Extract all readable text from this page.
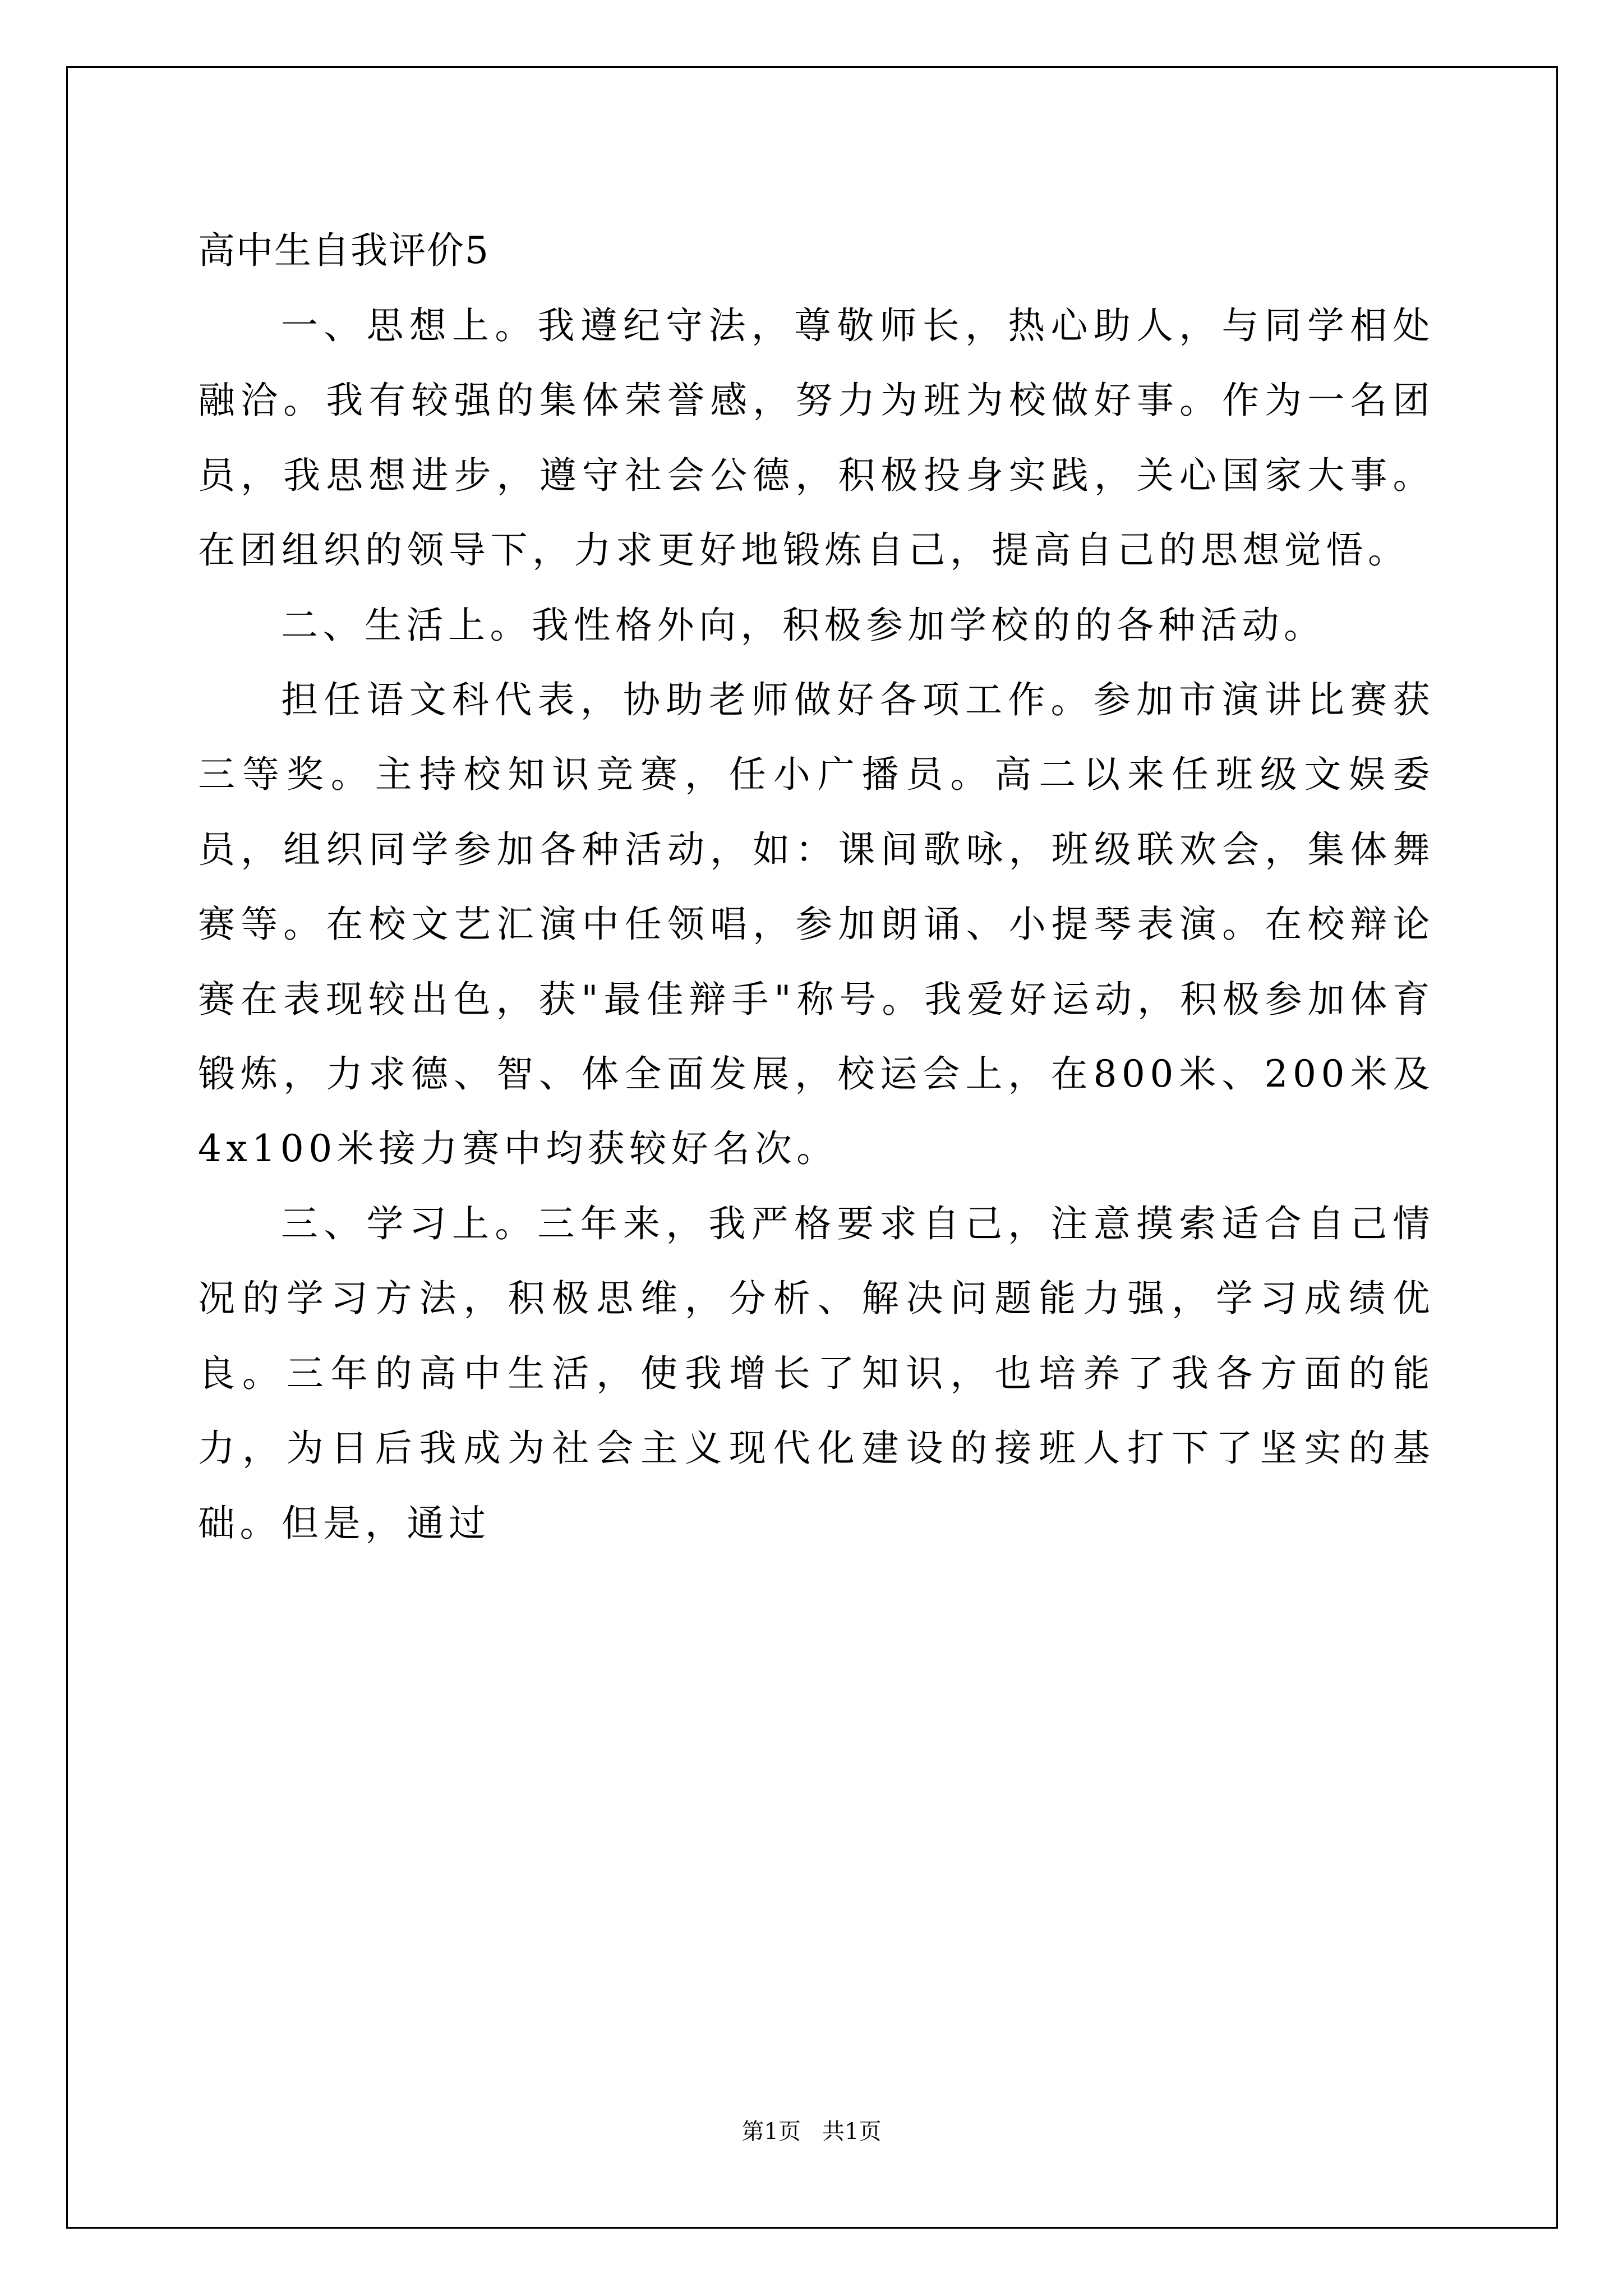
高中生自我评价5

一、思想上。我遵纪守法，尊敬师长，热心助人，与同学相处融洽。我有较强的集体荣誉感，努力为班为校做好事。作为一名团员，我思想进步，遵守社会公德，积极投身实践，关心国家大事。在团组织的领导下，力求更好地锻炼自己，提高自己的思想觉悟。

二、生活上。我性格外向，积极参加学校的的各种活动。

担任语文科代表，协助老师做好各项工作。参加市演讲比赛获三等奖。主持校知识竞赛，任小广播员。高二以来任班级文娱委员，组织同学参加各种活动，如：课间歌咏，班级联欢会，集体舞赛等。在校文艺汇演中任领唱，参加朗诵、小提琴表演。在校辩论赛在表现较出色，获"最佳辩手"称号。我爱好运动，积极参加体育锻炼，力求德、智、体全面发展，校运会上，在800米、200米及4x100米接力赛中均获较好名次。

三、学习上。三年来，我严格要求自己，注意摸索适合自己情况的学习方法，积极思维，分析、解决问题能力强，学习成绩优良。三年的高中生活，使我增长了知识，也培养了我各方面的能力，为日后我成为社会主义现代化建设的接班人打下了坚实的基础。但是，通过

第1页   共1页
